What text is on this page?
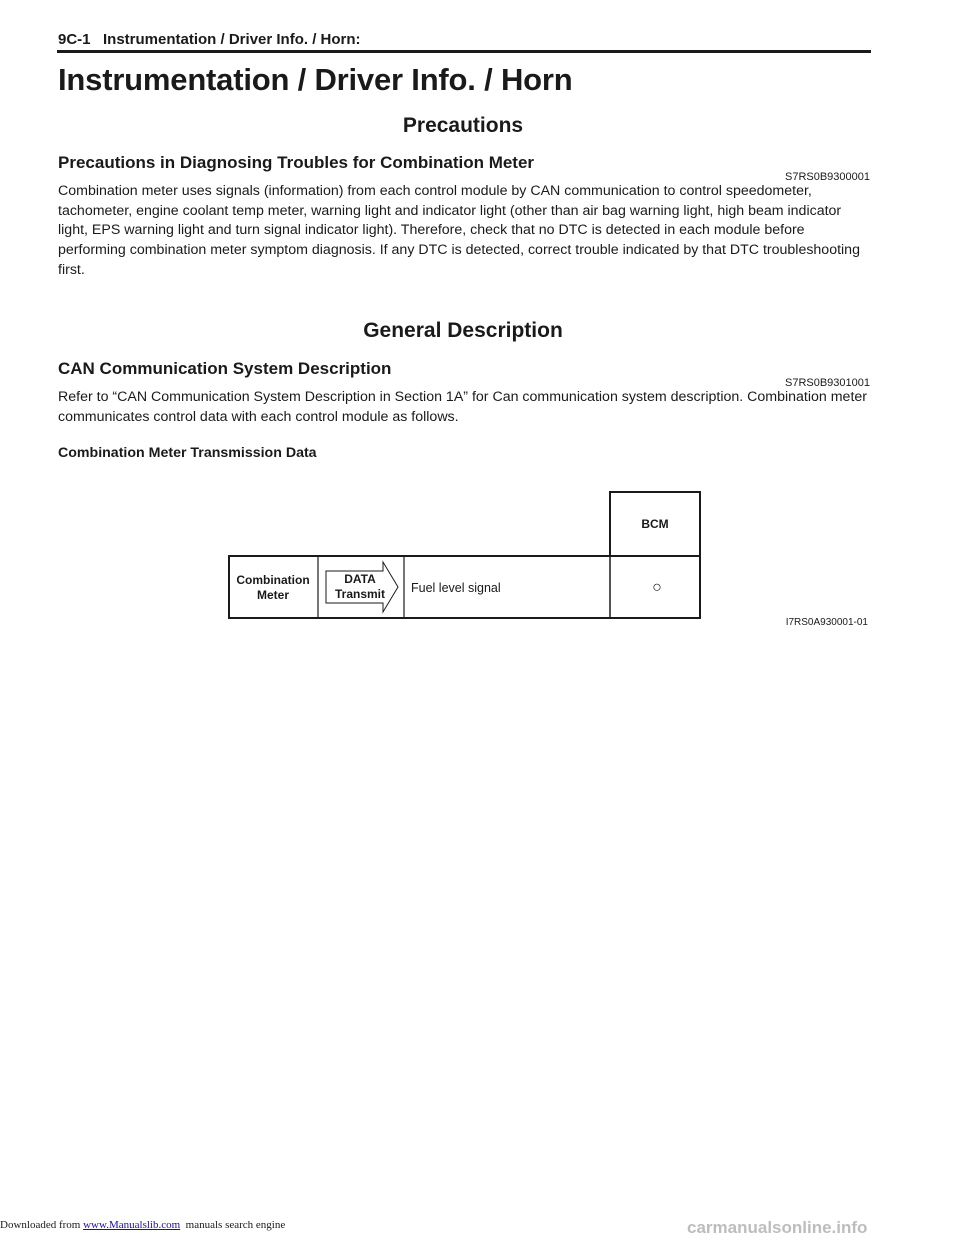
9C-1   Instrumentation / Driver Info. / Horn:
Instrumentation / Driver Info. / Horn
Precautions
Precautions in Diagnosing Troubles for Combination Meter
S7RS0B9300001
Combination meter uses signals (information) from each control module by CAN communication to control speedometer, tachometer, engine coolant temp meter, warning light and indicator light (other than air bag warning light, high beam indicator light, EPS warning light and turn signal indicator light). Therefore, check that no DTC is detected in each module before performing combination meter symptom diagnosis. If any DTC is detected, correct trouble indicated by that DTC troubleshooting first.
General Description
CAN Communication System Description
S7RS0B9301001
Refer to “CAN Communication System Description in Section 1A” for Can communication system description. Combination meter communicates control data with each control module as follows.
Combination Meter Transmission Data
BCM
Combination
Meter
DATA
Transmit Fuel level signal	○
I7RS0A930001-01
Downloaded from www.Manualslib.com  manuals search engine	carmanualsonline.info
